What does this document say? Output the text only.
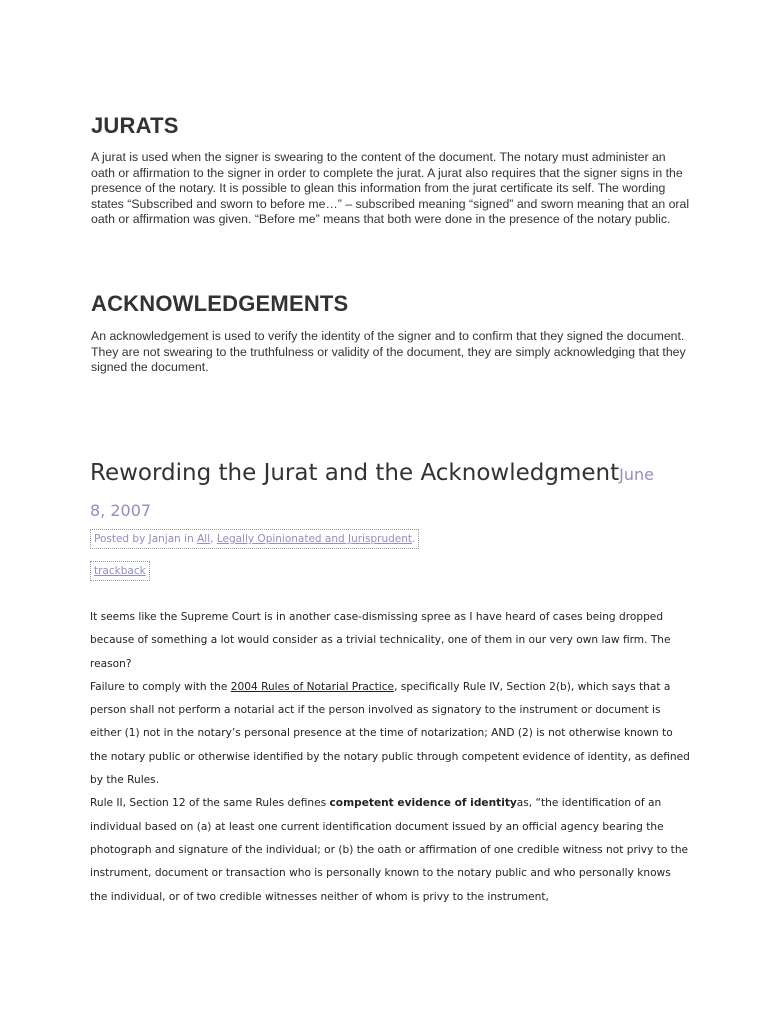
JURATS

A jurat is used when the signer is swearing to the content of the document. The notary must administer an oath or affirmation to the signer in order to complete the jurat. A jurat also requires that the signer signs in the presence of the notary. It is possible to glean this information from the jurat certificate its self. The wording states “Subscribed and sworn to before me…” – subscribed meaning “signed” and sworn meaning that an oral oath or affirmation was given. “Before me” means that both were done in the presence of the notary public.

ACKNOWLEDGEMENTS

An acknowledgement is used to verify the identity of the signer and to confirm that they signed the document. They are not swearing to the truthfulness or validity of the document, they are simply acknowledging that they signed the document.

Rewording the Jurat and the AcknowledgmentJune
8, 2007
Posted by Janjan in All, Legally Opinionated and Jurisprudent.
trackback

It seems like the Supreme Court is in another case-dismissing spree as I have heard of cases being dropped because of something a lot would consider as a trivial technicality, one of them in our very own law firm. The reason?

Failure to comply with the 2004 Rules of Notarial Practice, specifically Rule IV, Section 2(b), which says that a person shall not perform a notarial act if the person involved as signatory to the instrument or document is either (1) not in the notary’s personal presence at the time of notarization; AND (2) is not otherwise known to the notary public or otherwise identified by the notary public through competent evidence of identity, as defined by the Rules.

Rule II, Section 12 of the same Rules defines competent evidence of identityas, “the identification of an individual based on (a) at least one current identification document issued by an official agency bearing the photograph and signature of the individual; or (b) the oath or affirmation of one credible witness not privy to the instrument, document or transaction who is personally known to the notary public and who personally knows the individual, or of two credible witnesses neither of whom is privy to the instrument,
